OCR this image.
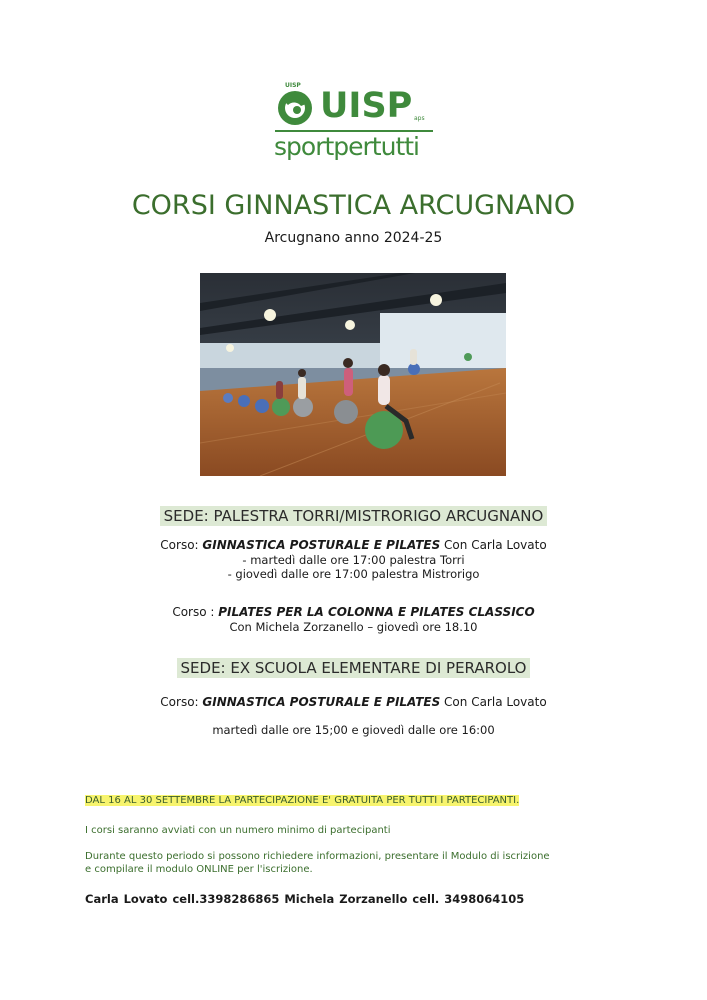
UISP
UISP aps
sportpertutti
CORSI GINNASTICA ARCUGNANO
Arcugnano anno 2024-25
SEDE: PALESTRA TORRI/MISTRORIGO ARCUGNANO
Corso: GINNASTICA POSTURALE E PILATES Con Carla Lovato
- martedì dalle ore 17:00 palestra Torri
- giovedì dalle ore 17:00 palestra Mistrorigo
Corso : PILATES PER LA COLONNA E PILATES CLASSICO
Con Michela Zorzanello – giovedì ore 18.10
SEDE: EX SCUOLA ELEMENTARE DI PERAROLO
Corso: GINNASTICA POSTURALE E PILATES Con Carla Lovato
martedì dalle ore 15;00 e giovedì dalle ore 16:00
DAL 16 AL 30 SETTEMBRE LA PARTECIPAZIONE E' GRATUITA PER TUTTI I PARTECIPANTI.
I corsi saranno avviati con un numero minimo di partecipanti
Durante questo periodo si possono richiedere informazioni, presentare il Modulo di iscrizione
e compilare il modulo ONLINE per l'iscrizione.
Carla Lovato cell.3398286865 Michela Zorzanello cell. 3498064105
